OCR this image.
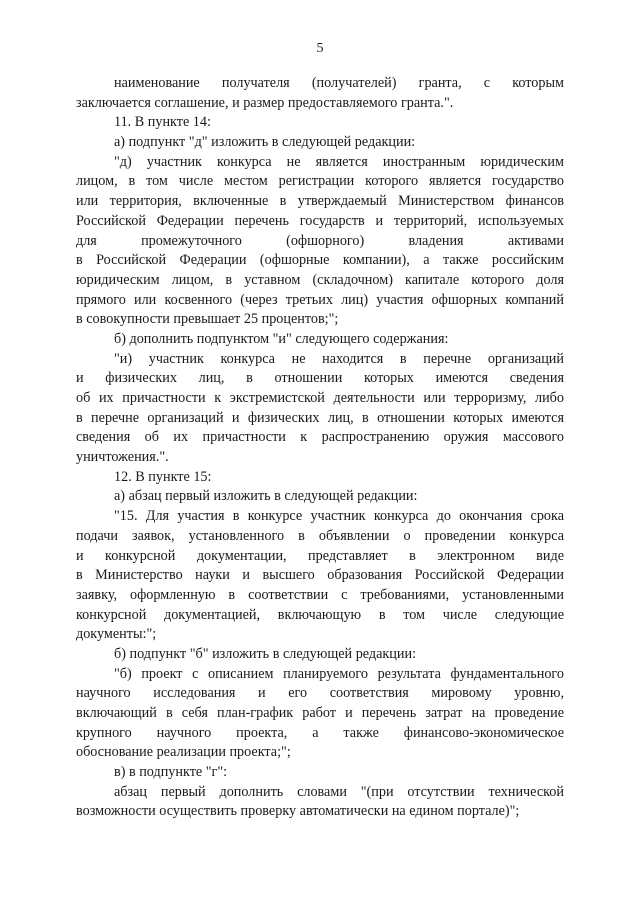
5
наименование получателя (получателей) гранта, с которым
заключается соглашение, и размер предоставляемого гранта.".
11. В пункте 14:
а) подпункт "д" изложить в следующей редакции:
"д) участник конкурса не является иностранным юридическим
лицом, в том числе местом регистрации которого является государство
или территория, включенные в утверждаемый Министерством финансов
Российской Федерации перечень государств и территорий, используемых
для промежуточного (офшорного) владения активами
в Российской Федерации (офшорные компании), а также российским
юридическим лицом, в уставном (складочном) капитале которого доля
прямого или косвенного (через третьих лиц) участия офшорных компаний
в совокупности превышает 25 процентов;";
б) дополнить подпунктом "и" следующего содержания:
"и) участник конкурса не находится в перечне организаций
и физических лиц, в отношении которых имеются сведения
об их причастности к экстремистской деятельности или терроризму, либо
в перечне организаций и физических лиц, в отношении которых имеются
сведения об их причастности к распространению оружия массового
уничтожения.".
12. В пункте 15:
а) абзац первый изложить в следующей редакции:
"15. Для участия в конкурсе участник конкурса до окончания срока
подачи заявок, установленного в объявлении о проведении конкурса
и конкурсной документации, представляет в электронном виде
в Министерство науки и высшего образования Российской Федерации
заявку, оформленную в соответствии с требованиями, установленными
конкурсной документацией, включающую в том числе следующие
документы:";
б) подпункт "б" изложить в следующей редакции:
"б) проект с описанием планируемого результата фундаментального
научного исследования и его соответствия мировому уровню,
включающий в себя план-график работ и перечень затрат на проведение
крупного научного проекта, а также финансово-экономическое
обоснование реализации проекта;";
в) в подпункте "г":
абзац первый дополнить словами "(при отсутствии технической
возможности осуществить проверку автоматически на едином портале)";
